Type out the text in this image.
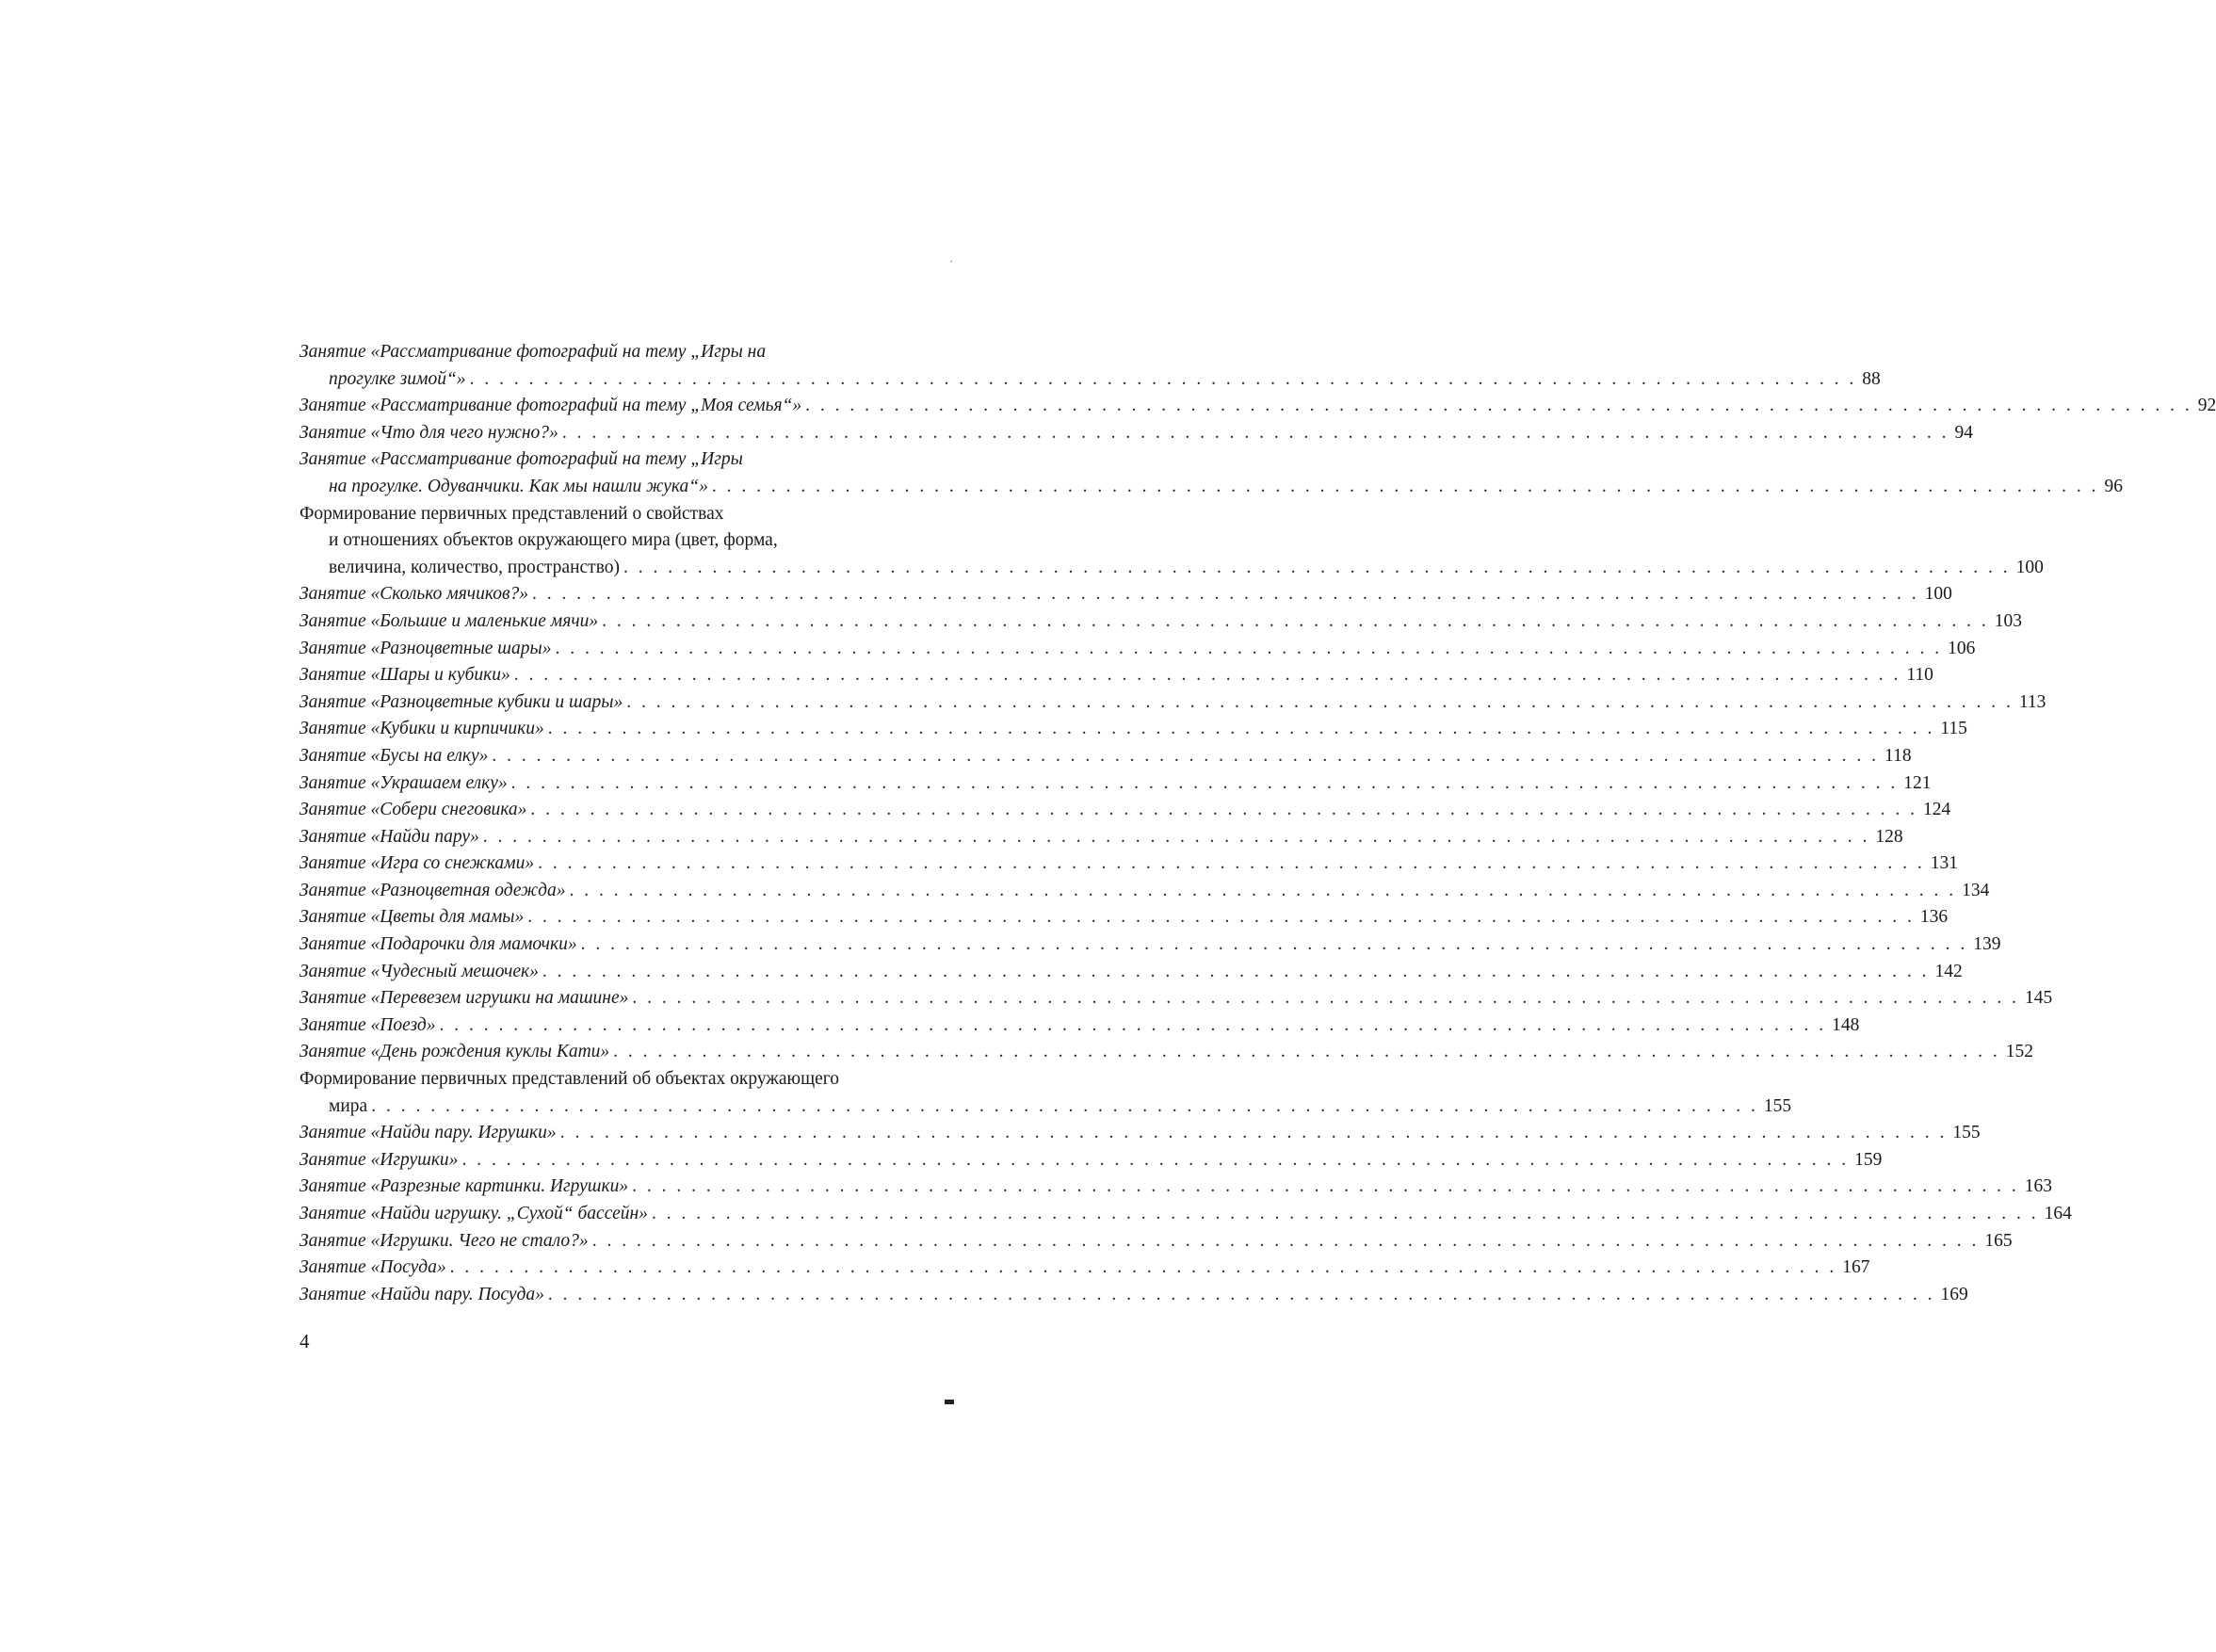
Занятие «Рассматривание фотографий на тему „Игры на
прогулке зимой“» . . . . . . . . . . . . . . . . . . . . . . . . . . . . . . . . . . . . . . . . . . . . . . . . . . . . . . . . . . . . . . . . . . . . . . . . . . . . . . . . . . . . . . . . . . . . . . 88
Занятие «Рассматривание фотографий на тему „Моя семья“» . . . . . . . . . . . . . . . . . . . . . . . . . . . . . . . . . . . . . . . . . . . . . . . . . . . . . . . . . . . . . . . . . . . . . . . . . . . . . . . . . . . . . . . . . . . . . . 92
Занятие «Что для чего нужно?» . . . . . . . . . . . . . . . . . . . . . . . . . . . . . . . . . . . . . . . . . . . . . . . . . . . . . . . . . . . . . . . . . . . . . . . . . . . . . . . . . . . . . . . . . . . . . . 94
Занятие «Рассматривание фотографий на тему „Игры
на прогулке. Одуванчики. Как мы нашли жука“» . . . . . . . . . . . . . . . . . . . . . . . . . . . . . . . . . . . . . . . . . . . . . . . . . . . . . . . . . . . . . . . . . . . . . . . . . . . . . . . . . . . . . . . . . . . . . . 96
Формирование первичных представлений о свойствах
и отношениях объектов окружающего мира (цвет, форма,
величина, количество, пространство) . . . . . . . . . . . . . . . . . . . . . . . . . . . . . . . . . . . . . . . . . . . . . . . . . . . . . . . . . . . . . . . . . . . . . . . . . . . . . . . . . . . . . . . . . . . . . . 100
Занятие «Сколько мячиков?» . . . . . . . . . . . . . . . . . . . . . . . . . . . . . . . . . . . . . . . . . . . . . . . . . . . . . . . . . . . . . . . . . . . . . . . . . . . . . . . . . . . . . . . . . . . . . . 100
Занятие «Большие и маленькие мячи» . . . . . . . . . . . . . . . . . . . . . . . . . . . . . . . . . . . . . . . . . . . . . . . . . . . . . . . . . . . . . . . . . . . . . . . . . . . . . . . . . . . . . . . . . . . . . . 103
Занятие «Разноцветные шары» . . . . . . . . . . . . . . . . . . . . . . . . . . . . . . . . . . . . . . . . . . . . . . . . . . . . . . . . . . . . . . . . . . . . . . . . . . . . . . . . . . . . . . . . . . . . . . 106
Занятие «Шары и кубики» . . . . . . . . . . . . . . . . . . . . . . . . . . . . . . . . . . . . . . . . . . . . . . . . . . . . . . . . . . . . . . . . . . . . . . . . . . . . . . . . . . . . . . . . . . . . . . 110
Занятие «Разноцветные кубики и шары» . . . . . . . . . . . . . . . . . . . . . . . . . . . . . . . . . . . . . . . . . . . . . . . . . . . . . . . . . . . . . . . . . . . . . . . . . . . . . . . . . . . . . . . . . . . . . . 113
Занятие «Кубики и кирпичики» . . . . . . . . . . . . . . . . . . . . . . . . . . . . . . . . . . . . . . . . . . . . . . . . . . . . . . . . . . . . . . . . . . . . . . . . . . . . . . . . . . . . . . . . . . . . . . 115
Занятие «Бусы на елку» . . . . . . . . . . . . . . . . . . . . . . . . . . . . . . . . . . . . . . . . . . . . . . . . . . . . . . . . . . . . . . . . . . . . . . . . . . . . . . . . . . . . . . . . . . . . . . 118
Занятие «Украшаем елку» . . . . . . . . . . . . . . . . . . . . . . . . . . . . . . . . . . . . . . . . . . . . . . . . . . . . . . . . . . . . . . . . . . . . . . . . . . . . . . . . . . . . . . . . . . . . . . 121
Занятие «Собери снеговика» . . . . . . . . . . . . . . . . . . . . . . . . . . . . . . . . . . . . . . . . . . . . . . . . . . . . . . . . . . . . . . . . . . . . . . . . . . . . . . . . . . . . . . . . . . . . . . 124
Занятие «Найди пару» . . . . . . . . . . . . . . . . . . . . . . . . . . . . . . . . . . . . . . . . . . . . . . . . . . . . . . . . . . . . . . . . . . . . . . . . . . . . . . . . . . . . . . . . . . . . . . 128
Занятие «Игра со снежками» . . . . . . . . . . . . . . . . . . . . . . . . . . . . . . . . . . . . . . . . . . . . . . . . . . . . . . . . . . . . . . . . . . . . . . . . . . . . . . . . . . . . . . . . . . . . . . 131
Занятие «Разноцветная одежда» . . . . . . . . . . . . . . . . . . . . . . . . . . . . . . . . . . . . . . . . . . . . . . . . . . . . . . . . . . . . . . . . . . . . . . . . . . . . . . . . . . . . . . . . . . . . . . 134
Занятие «Цветы для мамы» . . . . . . . . . . . . . . . . . . . . . . . . . . . . . . . . . . . . . . . . . . . . . . . . . . . . . . . . . . . . . . . . . . . . . . . . . . . . . . . . . . . . . . . . . . . . . . 136
Занятие «Подарочки для мамочки» . . . . . . . . . . . . . . . . . . . . . . . . . . . . . . . . . . . . . . . . . . . . . . . . . . . . . . . . . . . . . . . . . . . . . . . . . . . . . . . . . . . . . . . . . . . . . . 139
Занятие «Чудесный мешочек» . . . . . . . . . . . . . . . . . . . . . . . . . . . . . . . . . . . . . . . . . . . . . . . . . . . . . . . . . . . . . . . . . . . . . . . . . . . . . . . . . . . . . . . . . . . . . . 142
Занятие «Перевезем игрушки на машине» . . . . . . . . . . . . . . . . . . . . . . . . . . . . . . . . . . . . . . . . . . . . . . . . . . . . . . . . . . . . . . . . . . . . . . . . . . . . . . . . . . . . . . . . . . . . . . 145
Занятие «Поезд» . . . . . . . . . . . . . . . . . . . . . . . . . . . . . . . . . . . . . . . . . . . . . . . . . . . . . . . . . . . . . . . . . . . . . . . . . . . . . . . . . . . . . . . . . . . . . . 148
Занятие «День рождения куклы Кати» . . . . . . . . . . . . . . . . . . . . . . . . . . . . . . . . . . . . . . . . . . . . . . . . . . . . . . . . . . . . . . . . . . . . . . . . . . . . . . . . . . . . . . . . . . . . . . 152
Формирование первичных представлений об объектах окружающего
мира . . . . . . . . . . . . . . . . . . . . . . . . . . . . . . . . . . . . . . . . . . . . . . . . . . . . . . . . . . . . . . . . . . . . . . . . . . . . . . . . . . . . . . . . . . . . . . 155
Занятие «Найди пару. Игрушки» . . . . . . . . . . . . . . . . . . . . . . . . . . . . . . . . . . . . . . . . . . . . . . . . . . . . . . . . . . . . . . . . . . . . . . . . . . . . . . . . . . . . . . . . . . . . . . 155
Занятие «Игрушки» . . . . . . . . . . . . . . . . . . . . . . . . . . . . . . . . . . . . . . . . . . . . . . . . . . . . . . . . . . . . . . . . . . . . . . . . . . . . . . . . . . . . . . . . . . . . . . 159
Занятие «Разрезные картинки. Игрушки» . . . . . . . . . . . . . . . . . . . . . . . . . . . . . . . . . . . . . . . . . . . . . . . . . . . . . . . . . . . . . . . . . . . . . . . . . . . . . . . . . . . . . . . . . . . . . . 163
Занятие «Найди игрушку. „Сухой“ бассейн» . . . . . . . . . . . . . . . . . . . . . . . . . . . . . . . . . . . . . . . . . . . . . . . . . . . . . . . . . . . . . . . . . . . . . . . . . . . . . . . . . . . . . . . . . . . . . . 164
Занятие «Игрушки. Чего не стало?» . . . . . . . . . . . . . . . . . . . . . . . . . . . . . . . . . . . . . . . . . . . . . . . . . . . . . . . . . . . . . . . . . . . . . . . . . . . . . . . . . . . . . . . . . . . . . . 165
Занятие «Посуда» . . . . . . . . . . . . . . . . . . . . . . . . . . . . . . . . . . . . . . . . . . . . . . . . . . . . . . . . . . . . . . . . . . . . . . . . . . . . . . . . . . . . . . . . . . . . . . 167
Занятие «Найди пару. Посуда» . . . . . . . . . . . . . . . . . . . . . . . . . . . . . . . . . . . . . . . . . . . . . . . . . . . . . . . . . . . . . . . . . . . . . . . . . . . . . . . . . . . . . . . . . . . . . . 169
4
